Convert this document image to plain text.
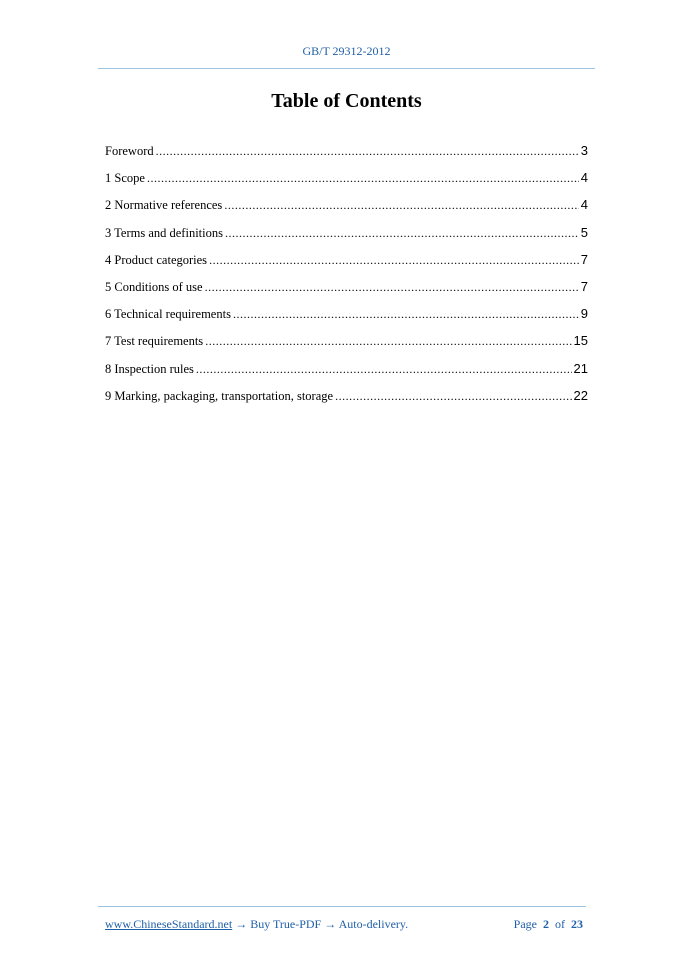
GB/T 29312-2012
Table of Contents
Foreword .....	3
1 Scope .....	4
2 Normative references .....	4
3 Terms and definitions .....	5
4 Product categories .....	7
5 Conditions of use .....	7
6 Technical requirements .....	9
7 Test requirements .....	15
8 Inspection rules .....	21
9 Marking, packaging, transportation, storage .....	22
www.ChineseStandard.net → Buy True-PDF → Auto-delivery.	Page 2 of 23
